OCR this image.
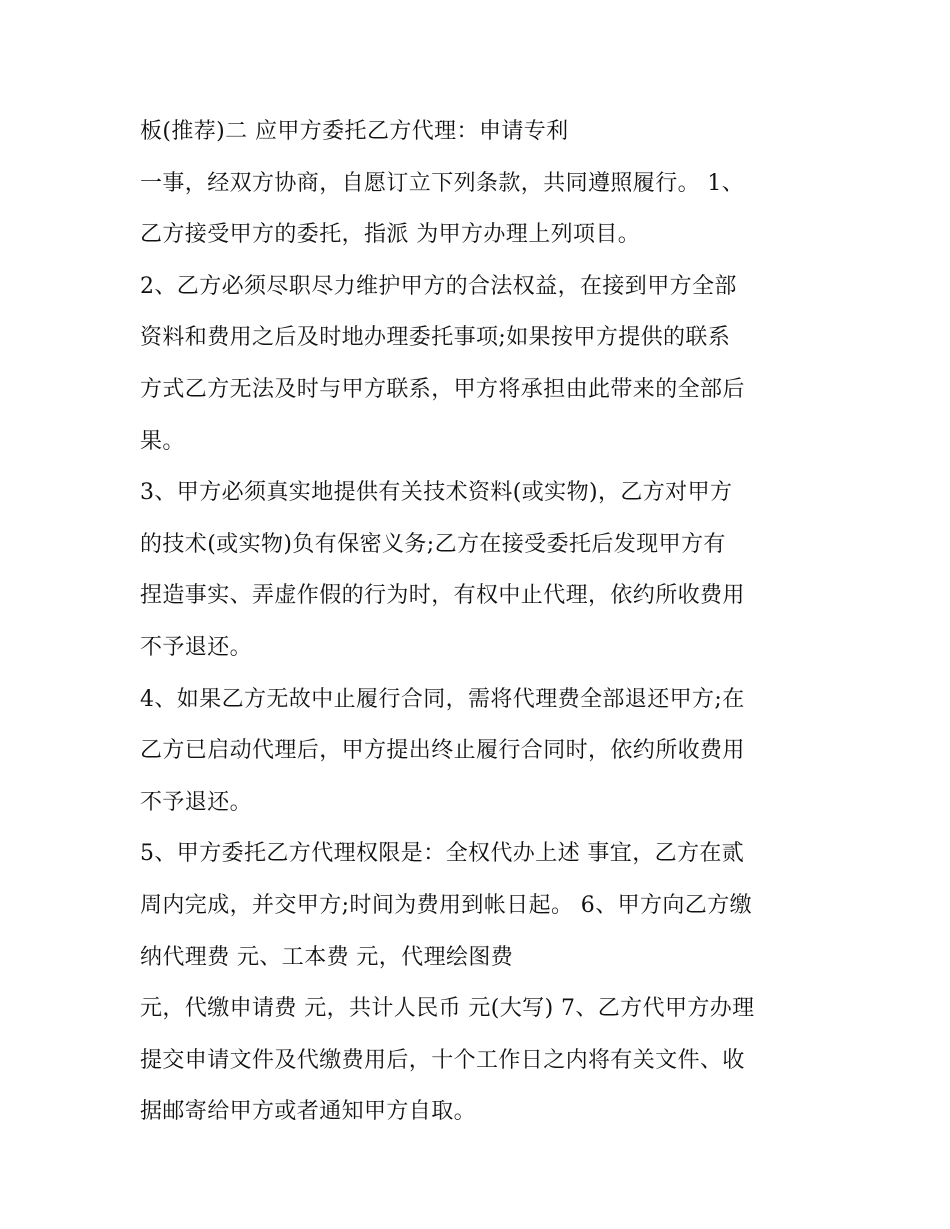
板(推荐)二 应甲方委托乙方代理：申请专利
一事，经双方协商，自愿订立下列条款，共同遵照履行。 1、
乙方接受甲方的委托，指派 为甲方办理上列项目。
2、乙方必须尽职尽力维护甲方的合法权益，在接到甲方全部
资料和费用之后及时地办理委托事项;如果按甲方提供的联系
方式乙方无法及时与甲方联系，甲方将承担由此带来的全部后
果。
3、甲方必须真实地提供有关技术资料(或实物)，乙方对甲方
的技术(或实物)负有保密义务;乙方在接受委托后发现甲方有
捏造事实、弄虚作假的行为时，有权中止代理，依约所收费用
不予退还。
4、如果乙方无故中止履行合同，需将代理费全部退还甲方;在
乙方已启动代理后，甲方提出终止履行合同时，依约所收费用
不予退还。
5、甲方委托乙方代理权限是：全权代办上述 事宜，乙方在贰
周内完成，并交甲方;时间为费用到帐日起。 6、甲方向乙方缴
纳代理费 元、工本费 元，代理绘图费
元，代缴申请费 元，共计人民币 元(大写) 7、乙方代甲方办理
提交申请文件及代缴费用后，十个工作日之内将有关文件、收
据邮寄给甲方或者通知甲方自取。
